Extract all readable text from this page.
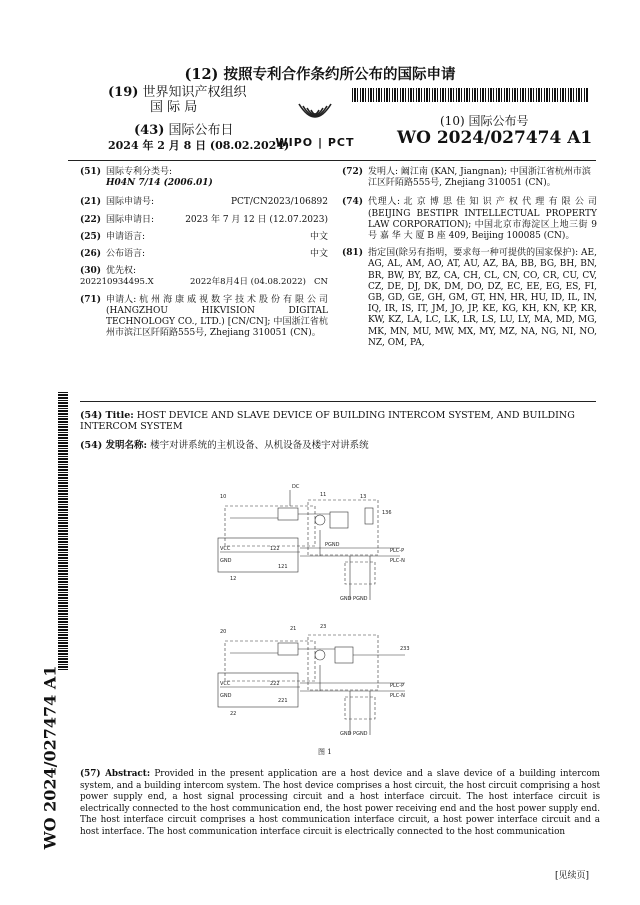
(12) 按照专利合作条约所公布的国际申请
(19) 世界知识产权组织
国 际 局
(43) 国际公布日
2024 年 2 月 8 日 (08.02.2024)
WIPO | PCT
(10) 国际公布号
WO 2024/027474 A1
(51) 国际专利分类号:
H04N 7/14 (2006.01)
(21) 国际申请号:	PCT/CN2023/106892
(22) 国际申请日:	2023 年 7 月 12 日 (12.07.2023)
(25) 申请语言:	中文
(26) 公布语言:	中文
(30) 优先权:
202210934495.X	2022年8月4日 (04.08.2022) CN
(71) 申请人: 杭 州 海 康 威 视 数 字 技 术 股 份 有 限 公 司 (HANGZHOU HIKVISION DIGITAL TECHNOLOGY CO., LTD.) [CN/CN]; 中国浙江省杭州市滨江区阡陌路555号, Zhejiang 310051 (CN)。
(72) 发明人: 阚江南 (KAN, Jiangnan); 中国浙江省杭州市滨江区阡陌路555号, Zhejiang 310051 (CN)。
(74) 代理人: 北 京 博 思 佳 知 识 产 权 代 理 有 限 公 司 (BEIJING BESTIPR INTELLECTUAL PROPERTY LAW CORPORATION); 中国北京市海淀区上地三街 9 号 嘉 华 大 厦 B 座 409, Beijing 100085 (CN)。
(81) 指定国(除另有指明，要求每一种可提供的国家保护): AE, AG, AL, AM, AO, AT, AU, AZ, BA, BB, BG, BH, BN, BR, BW, BY, BZ, CA, CH, CL, CN, CO, CR, CU, CV, CZ, DE, DJ, DK, DM, DO, DZ, EC, EE, EG, ES, FI, GB, GD, GE, GH, GM, GT, HN, HR, HU, ID, IL, IN, IQ, IR, IS, IT, JM, JO, JP, KE, KG, KH, KN, KP, KR, KW, KZ, LA, LC, LK, LR, LS, LU, LY, MA, MD, MG, MK, MN, MU, MW, MX, MY, MZ, NA, NG, NI, NO, NZ, OM, PA,
WO 2024/027474 A1
(54) Title: HOST DEVICE AND SLAVE DEVICE OF BUILDING INTERCOM SYSTEM, AND BUILDING INTERCOM SYSTEM
(54) 发明名称: 楼宇对讲系统的主机设备、从机设备及楼宇对讲系统
10
DC
11	13
136
VCC
GND
122
121
12
PGND
PLC-P
PLC-N
GND PGND
20	21	23
233
VCC
GND
222
221
22
PLC-P
PLC-N
GND PGND
图 1
(57) Abstract: Provided in the present application are a host device and a slave device of a building intercom system, and a building intercom system. The host device comprises a host circuit, the host circuit comprising a host power supply end, a host signal processing circuit and a host interface circuit. The host interface circuit is electrically connected to the host communication end, the host power receiving end and the host power supply end. The host interface circuit comprises a host communication interface circuit, a host power interface circuit and a host interface. The host communication interface circuit is electrically connected to the host communication
[见续页]
